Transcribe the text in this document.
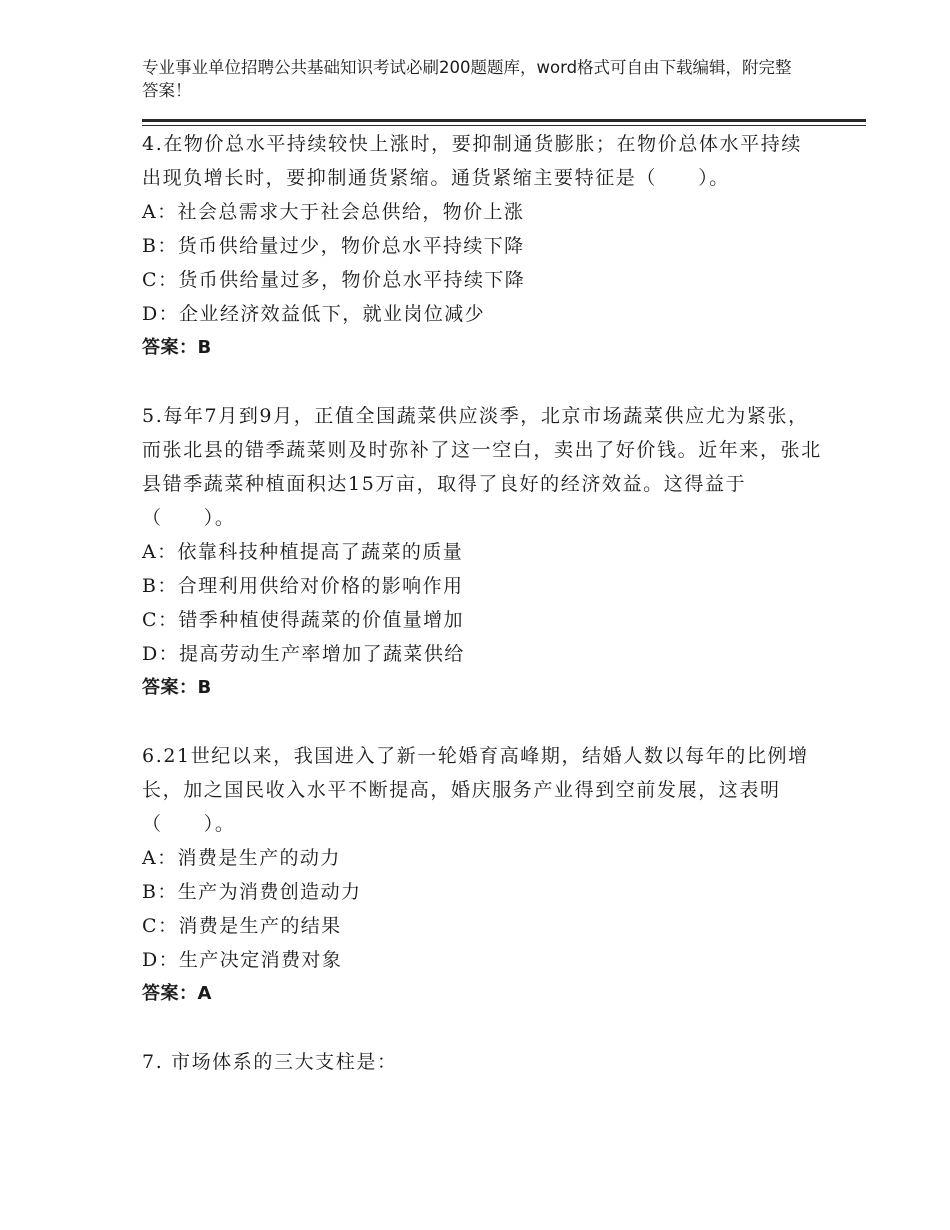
专业事业单位招聘公共基础知识考试必刷200题题库，word格式可自由下载编辑，附完整答案！
4.在物价总水平持续较快上涨时，要抑制通货膨胀；在物价总体水平持续出现负增长时，要抑制通货紧缩。通货紧缩主要特征是（　　）。
A：社会总需求大于社会总供给，物价上涨
B：货币供给量过少，物价总水平持续下降
C：货币供给量过多，物价总水平持续下降
D：企业经济效益低下，就业岗位减少
答案：B
5.每年7月到9月，正值全国蔬菜供应淡季，北京市场蔬菜供应尤为紧张，而张北县的错季蔬菜则及时弥补了这一空白，卖出了好价钱。近年来，张北县错季蔬菜种植面积达15万亩，取得了良好的经济效益。这得益于（　　）。
A：依靠科技种植提高了蔬菜的质量
B：合理利用供给对价格的影响作用
C：错季种植使得蔬菜的价值量增加
D：提高劳动生产率增加了蔬菜供给
答案：B
6.21世纪以来，我国进入了新一轮婚育高峰期，结婚人数以每年的比例增长，加之国民收入水平不断提高，婚庆服务产业得到空前发展，这表明（　　）。
A：消费是生产的动力
B：生产为消费创造动力
C：消费是生产的结果
D：生产决定消费对象
答案：A
7. 市场体系的三大支柱是：
